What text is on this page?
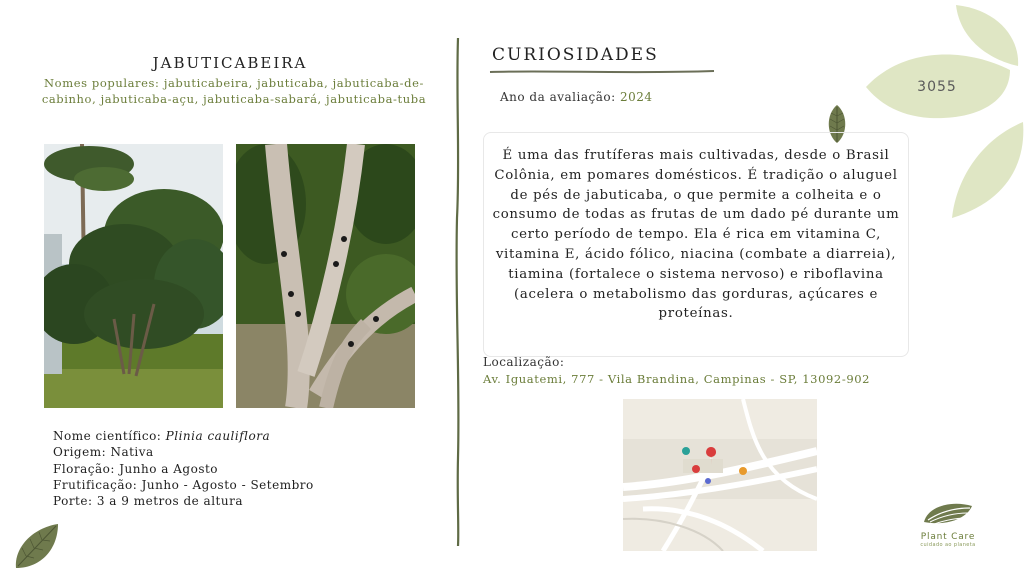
JABUTICABEIRA
Nomes populares: jabuticabeira, jabuticaba, jabuticaba-de-cabinho, jabuticaba-açu, jabuticaba-sabará, jabuticaba-tuba
Nome científico: Plinia cauliflora
Origem: Nativa
Floração: Junho a Agosto
Frutificação: Junho - Agosto - Setembro
Porte: 3 a 9 metros de altura
CURIOSIDADES
Ano da avaliação: 2024
É uma das frutíferas mais cultivadas, desde o Brasil Colônia, em pomares domésticos. É tradição o aluguel de pés de jabuticaba, o que permite a colheita e o consumo de todas as frutas de um dado pé durante um certo período de tempo. Ela é rica em vitamina C, vitamina E, ácido fólico, niacina (combate a diarreia), tiamina (fortalece o sistema nervoso) e riboflavina (acelera o metabolismo das gorduras, açúcares e proteínas.
Localização:
Av. Iguatemi, 777 - Vila Brandina, Campinas - SP, 13092-902
3055
Plant Care
cuidado ao planeta
